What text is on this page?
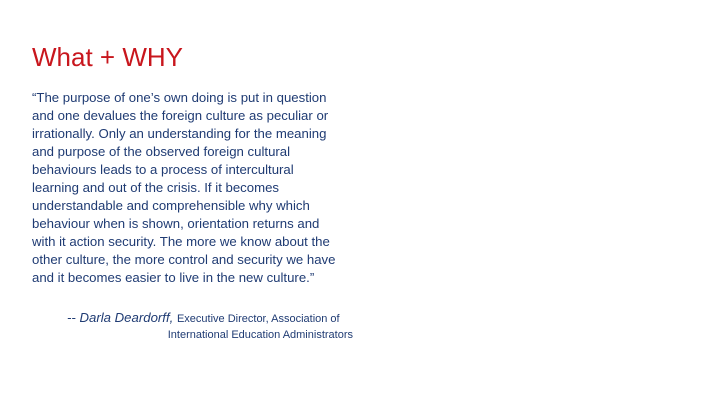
What + WHY

“The purpose of one’s own doing is put in question

and one devalues the foreign culture as peculiar or

irrationally. Only an understanding for the meaning

and purpose of the observed foreign cultural

behaviours leads to a process of intercultural

learning and out of the crisis. If it becomes

understandable and comprehensible why which

behaviour when is shown, orientation returns and

with it action security. The more we know about the

other culture, the more control and security we have

and it becomes easier to live in the new culture.”

-- Darla Deardorff, Executive Director, Association of

International Education Administrators
